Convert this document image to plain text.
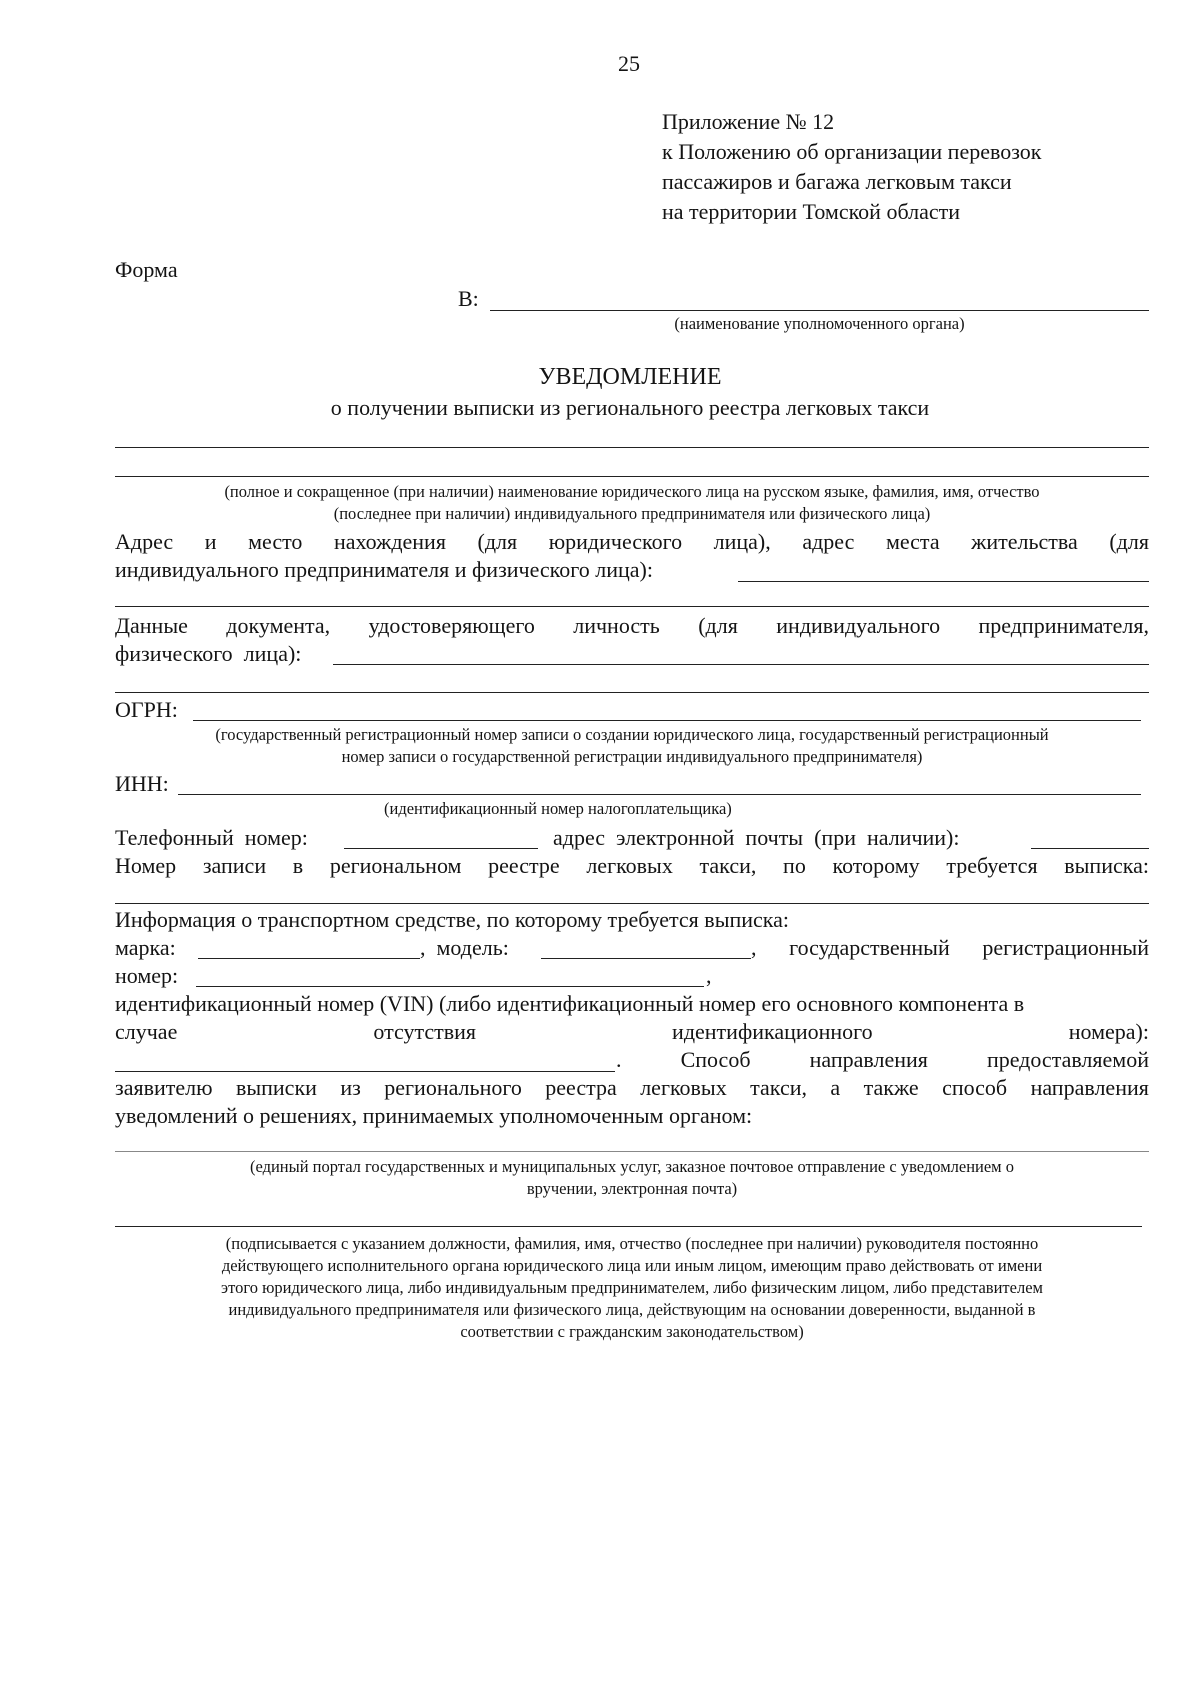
25
Приложение № 12
к Положению об организации перевозок
пассажиров и багажа легковым такси
на территории Томской области
Форма
В:
(наименование уполномоченного органа)
УВЕДОМЛЕНИЕ
о получении выписки из регионального реестра легковых такси
(полное и сокращенное (при наличии) наименование юридического лица на русском языке, фамилия, имя, отчество
(последнее при наличии) индивидуального предпринимателя или физического лица)
Адрес и место нахождения (для юридического лица), адрес места жительства (для
индивидуального предпринимателя и физического лица):
Данные документа, удостоверяющего личность (для индивидуального предпринимателя,
физического  лица):
ОГРН:
(государственный регистрационный номер записи о создании юридического лица, государственный регистрационный
номер записи о государственной регистрации индивидуального предпринимателя)
ИНН:
(идентификационный номер налогоплательщика)
Телефонный  номер:	адрес  электронной  почты  (при  наличии):
Номер записи в региональном реестре легковых такси, по которому требуется выписка:
Информация о транспортном средстве, по которому требуется выписка:
марка:	,  модель:	, государственный регистрационный
номер:	,
идентификационный номер (VIN) (либо идентификационный номер его основного компонента в
случае	отсутствия	идентификационного	номера):
.	Способ	направления	предоставляемой
заявителю выписки из регионального реестра легковых такси, а также способ направления
уведомлений о решениях, принимаемых уполномоченным органом:
(единый портал государственных и муниципальных услуг, заказное почтовое отправление с уведомлением о
вручении, электронная почта)
(подписывается с указанием должности, фамилия, имя, отчество (последнее при наличии) руководителя постоянно
действующего исполнительного органа юридического лица или иным лицом, имеющим право действовать от имени
этого юридического лица, либо индивидуальным предпринимателем, либо физическим лицом, либо представителем
индивидуального предпринимателя или физического лица, действующим на основании доверенности, выданной в
соответствии с гражданским законодательством)
